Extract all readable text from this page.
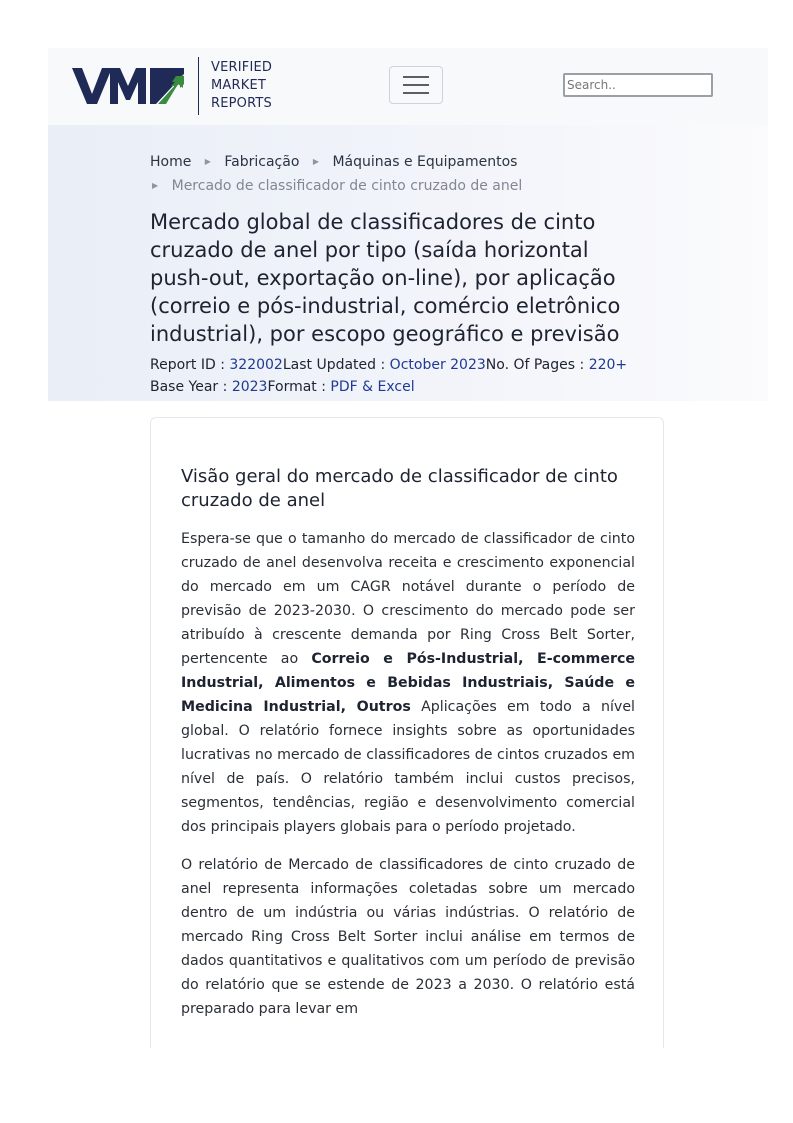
VERIFIED
MARKET
REPORTS
Search..
Home ▶ Fabricação ▶ Máquinas e Equipamentos
▶ Mercado de classificador de cinto cruzado de anel
Mercado global de classificadores de cinto cruzado de anel por tipo (saída horizontal push-out, exportação on-line), por aplicação (correio e pós-industrial, comércio eletrônico industrial), por escopo geográfico e previsão
Report ID : 322002Last Updated : October 2023No. Of Pages : 220+
Base Year : 2023Format : PDF & Excel
Visão geral do mercado de classificador de cinto cruzado de anel

Espera-se que o tamanho do mercado de classificador de cinto cruzado de anel desenvolva receita e crescimento exponencial do mercado em um CAGR notável durante o período de previsão de 2023-2030. O crescimento do mercado pode ser atribuído à crescente demanda por Ring Cross Belt Sorter, pertencente ao Correio e Pós-Industrial, E-commerce Industrial, Alimentos e Bebidas Industriais, Saúde e Medicina Industrial, Outros Aplicações em todo a nível global. O relatório fornece insights sobre as oportunidades lucrativas no mercado de classificadores de cintos cruzados em nível de país. O relatório também inclui custos precisos, segmentos, tendências, região e desenvolvimento comercial dos principais players globais para o período projetado.

O relatório de Mercado de classificadores de cinto cruzado de anel representa informações coletadas sobre um mercado dentro de um indústria ou várias indústrias. O relatório de mercado Ring Cross Belt Sorter inclui análise em termos de dados quantitativos e qualitativos com um período de previsão do relatório que se estende de 2023 a 2030. O relatório está preparado para levar em
